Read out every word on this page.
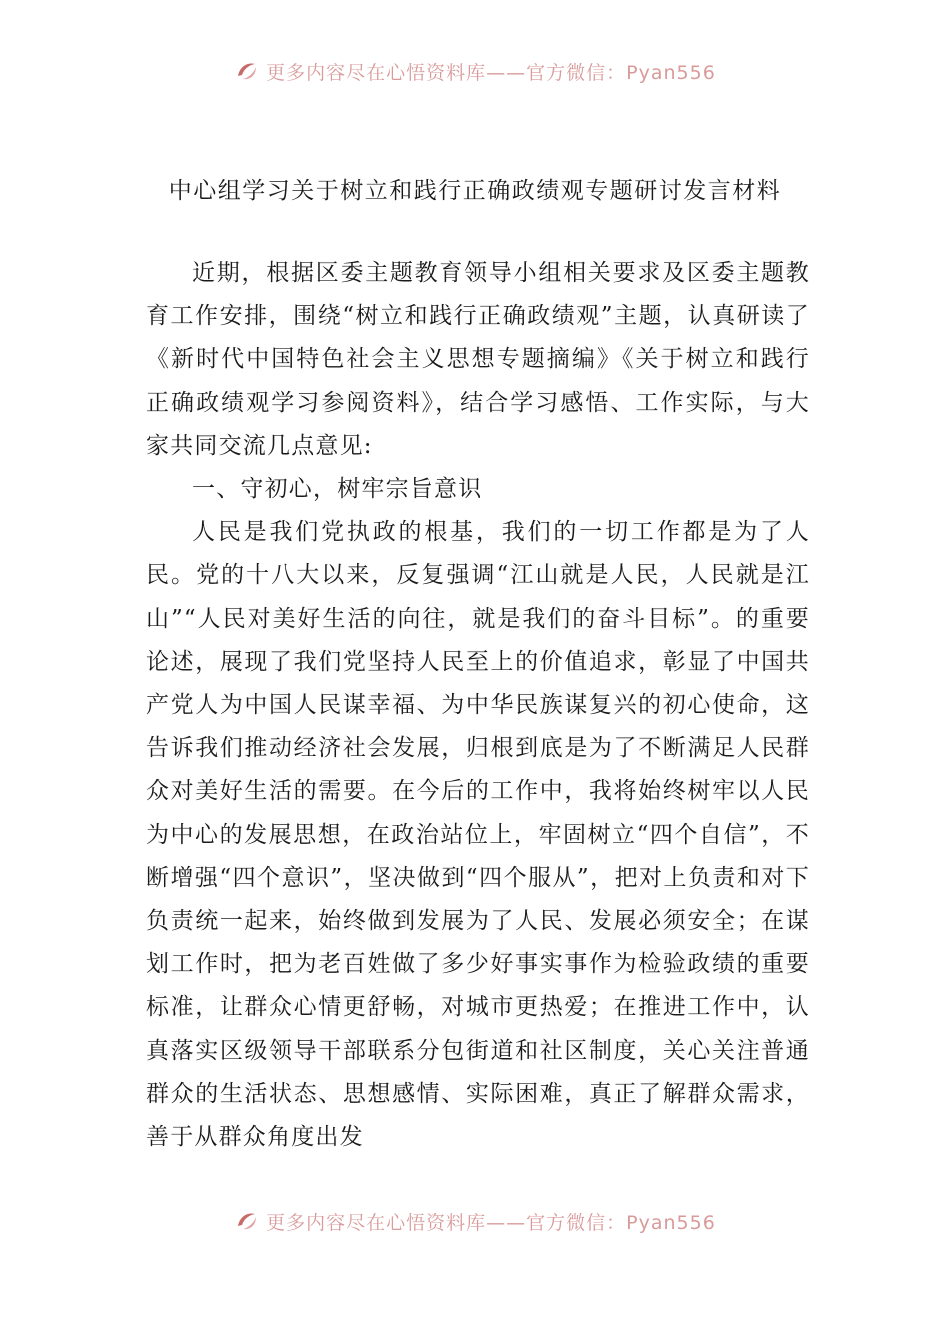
更多内容尽在心悟资料库——官方微信：Pyan556
中心组学习关于树立和践行正确政绩观专题研讨发言材料

近期，根据区委主题教育领导小组相关要求及区委主题教育工作安排，围绕“树立和践行正确政绩观”主题，认真研读了《新时代中国特色社会主义思想专题摘编》《关于树立和践行正确政绩观学习参阅资料》，结合学习感悟、工作实际，与大家共同交流几点意见:

一、守初心，树牢宗旨意识

人民是我们党执政的根基，我们的一切工作都是为了人民。党的十八大以来，反复强调“江山就是人民，人民就是江山”“人民对美好生活的向往，就是我们的奋斗目标”。的重要论述，展现了我们党坚持人民至上的价值追求，彰显了中国共产党人为中国人民谋幸福、为中华民族谋复兴的初心使命，这告诉我们推动经济社会发展，归根到底是为了不断满足人民群众对美好生活的需要。在今后的工作中，我将始终树牢以人民为中心的发展思想，在政治站位上，牢固树立“四个自信”，不断增强“四个意识”，坚决做到“四个服从”，把对上负责和对下负责统一起来，始终做到发展为了人民、发展必须安全；在谋划工作时，把为老百姓做了多少好事实事作为检验政绩的重要标准，让群众心情更舒畅，对城市更热爱；在推进工作中，认真落实区级领导干部联系分包街道和社区制度，关心关注普通群众的生活状态、思想感情、实际困难，真正了解群众需求，善于从群众角度出发

更多内容尽在心悟资料库——官方微信：Pyan556
